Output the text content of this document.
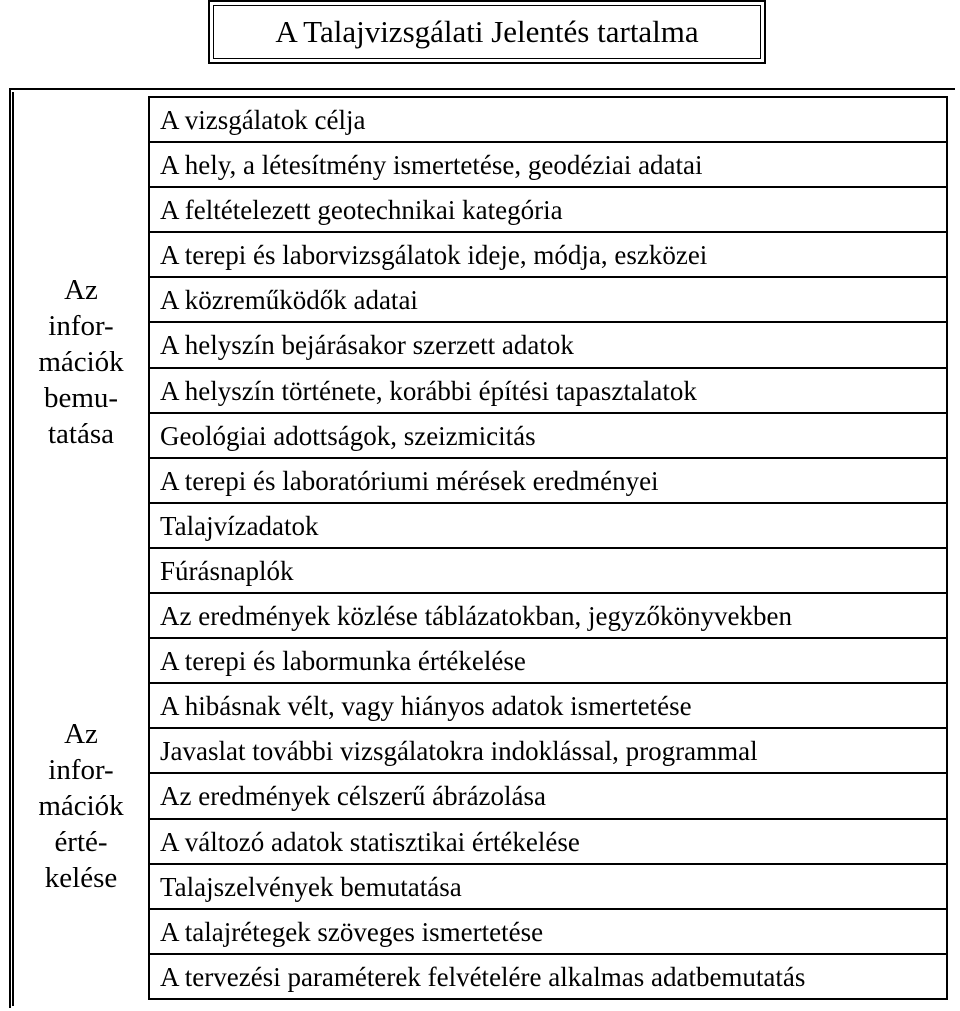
A Talajvizsgálati Jelentés tartalma
Az
infor-
mációk
bemu-
tatása
Az
infor-
mációk
érté-
kelése
A vizsgálatok célja
A hely, a létesítmény ismertetése, geodéziai adatai
A feltételezett geotechnikai kategória
A terepi és laborvizsgálatok ideje, módja, eszközei
A közreműködők adatai
A helyszín bejárásakor szerzett adatok
A helyszín története, korábbi építési tapasztalatok
Geológiai adottságok, szeizmicitás
A terepi és laboratóriumi mérések eredményei
Talajvízadatok
Fúrásnaplók
Az eredmények közlése táblázatokban, jegyzőkönyvekben
A terepi és labormunka értékelése
A hibásnak vélt, vagy hiányos adatok ismertetése
Javaslat további vizsgálatokra indoklással, programmal
Az eredmények célszerű ábrázolása
A változó adatok statisztikai értékelése
Talajszelvények bemutatása
A talajrétegek szöveges ismertetése
A tervezési paraméterek felvételére alkalmas adatbemutatás
